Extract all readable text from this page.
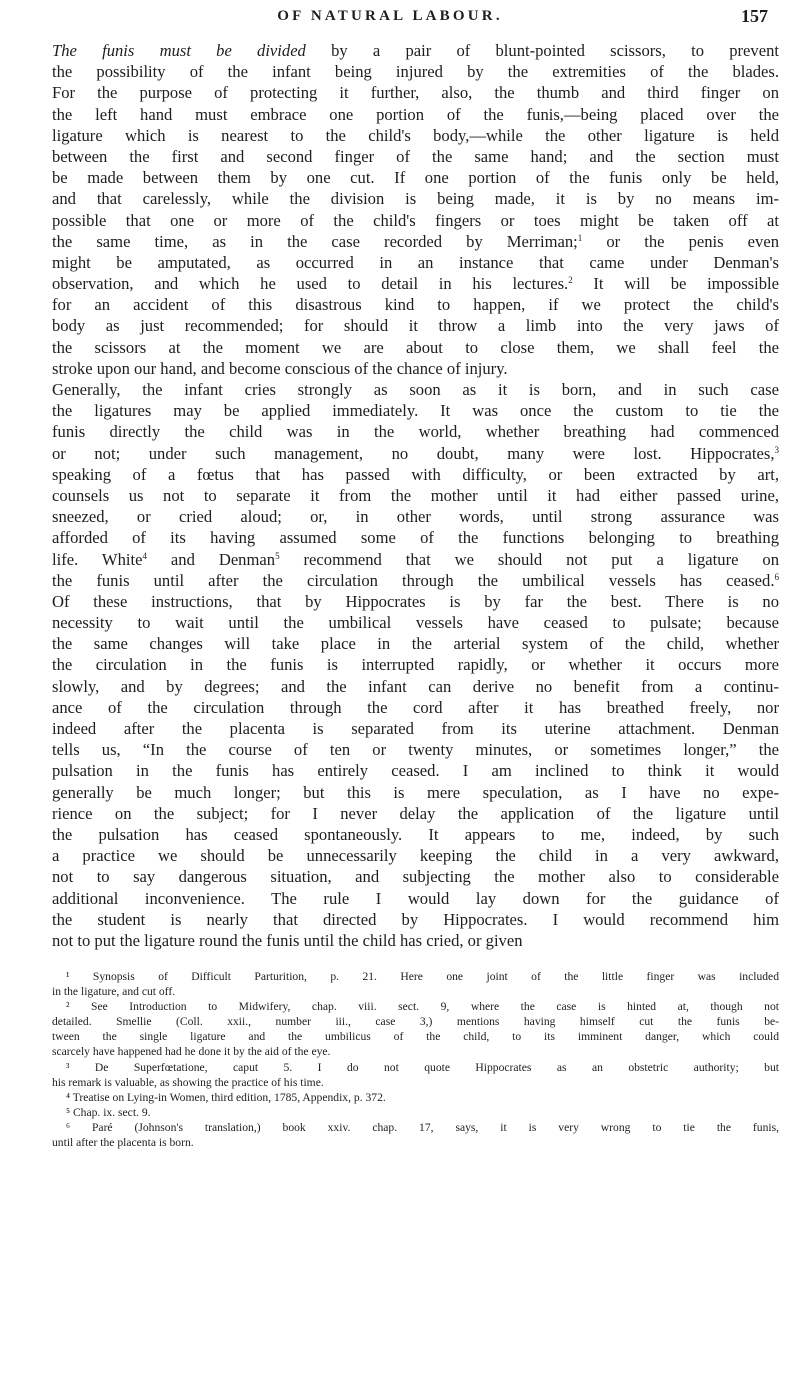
OF NATURAL LABOUR.	157
The funis must be divided by a pair of blunt-pointed scissors, to prevent
the possibility of the infant being injured by the extremities of the blades.
For the purpose of protecting it further, also, the thumb and third finger on
the left hand must embrace one portion of the funis,—being placed over the
ligature which is nearest to the child's body,—while the other ligature is held
between the first and second finger of the same hand; and the section must
be made between them by one cut. If one portion of the funis only be held,
and that carelessly, while the division is being made, it is by no means im-
possible that one or more of the child's fingers or toes might be taken off at
the same time, as in the case recorded by Merriman;$^1$ or the penis even
might be amputated, as occurred in an instance that came under Denman's
observation, and which he used to detail in his lectures.$^2$ It will be impossible
for an accident of this disastrous kind to happen, if we protect the child's
body as just recommended; for should it throw a limb into the very jaws of
the scissors at the moment we are about to close them, we shall feel the
stroke upon our hand, and become conscious of the chance of injury.
Generally, the infant cries strongly as soon as it is born, and in such case
the ligatures may be applied immediately. It was once the custom to tie the
funis directly the child was in the world, whether breathing had commenced
or not; under such management, no doubt, many were lost. Hippocrates,$^3$
speaking of a fœtus that has passed with difficulty, or been extracted by art,
counsels us not to separate it from the mother until it had either passed urine,
sneezed, or cried aloud; or, in other words, until strong assurance was
afforded of its having assumed some of the functions belonging to breathing
life. White$^4$ and Denman$^5$ recommend that we should not put a ligature on
the funis until after the circulation through the umbilical vessels has ceased.$^6$
Of these instructions, that by Hippocrates is by far the best. There is no
necessity to wait until the umbilical vessels have ceased to pulsate; because
the same changes will take place in the arterial system of the child, whether
the circulation in the funis is interrupted rapidly, or whether it occurs more
slowly, and by degrees; and the infant can derive no benefit from a continu-
ance of the circulation through the cord after it has breathed freely, nor
indeed after the placenta is separated from its uterine attachment. Denman
tells us, “In the course of ten or twenty minutes, or sometimes longer,” the
pulsation in the funis has entirely ceased. I am inclined to think it would
generally be much longer; but this is mere speculation, as I have no expe-
rience on the subject; for I never delay the application of the ligature until
the pulsation has ceased spontaneously. It appears to me, indeed, by such
a practice we should be unnecessarily keeping the child in a very awkward,
not to say dangerous situation, and subjecting the mother also to considerable
additional inconvenience. The rule I would lay down for the guidance of
the student is nearly that directed by Hippocrates. I would recommend him
not to put the ligature round the funis until the child has cried, or given
¹ Synopsis of Difficult Parturition, p. 21. Here one joint of the little finger was included
in the ligature, and cut off.
² See Introduction to Midwifery, chap. viii. sect. 9, where the case is hinted at, though not
detailed. Smellie (Coll. xxii., number iii., case 3,) mentions having himself cut the funis be-
tween the single ligature and the umbilicus of the child, to its imminent danger, which could
scarcely have happened had he done it by the aid of the eye.
³ De Superfœtatione, caput 5. I do not quote Hippocrates as an obstetric authority; but
his remark is valuable, as showing the practice of his time.
⁴ Treatise on Lying-in Women, third edition, 1785, Appendix, p. 372.
⁵ Chap. ix. sect. 9.
⁶ Paré (Johnson's translation,) book xxiv. chap. 17, says, it is very wrong to tie the funis,
until after the placenta is born.
